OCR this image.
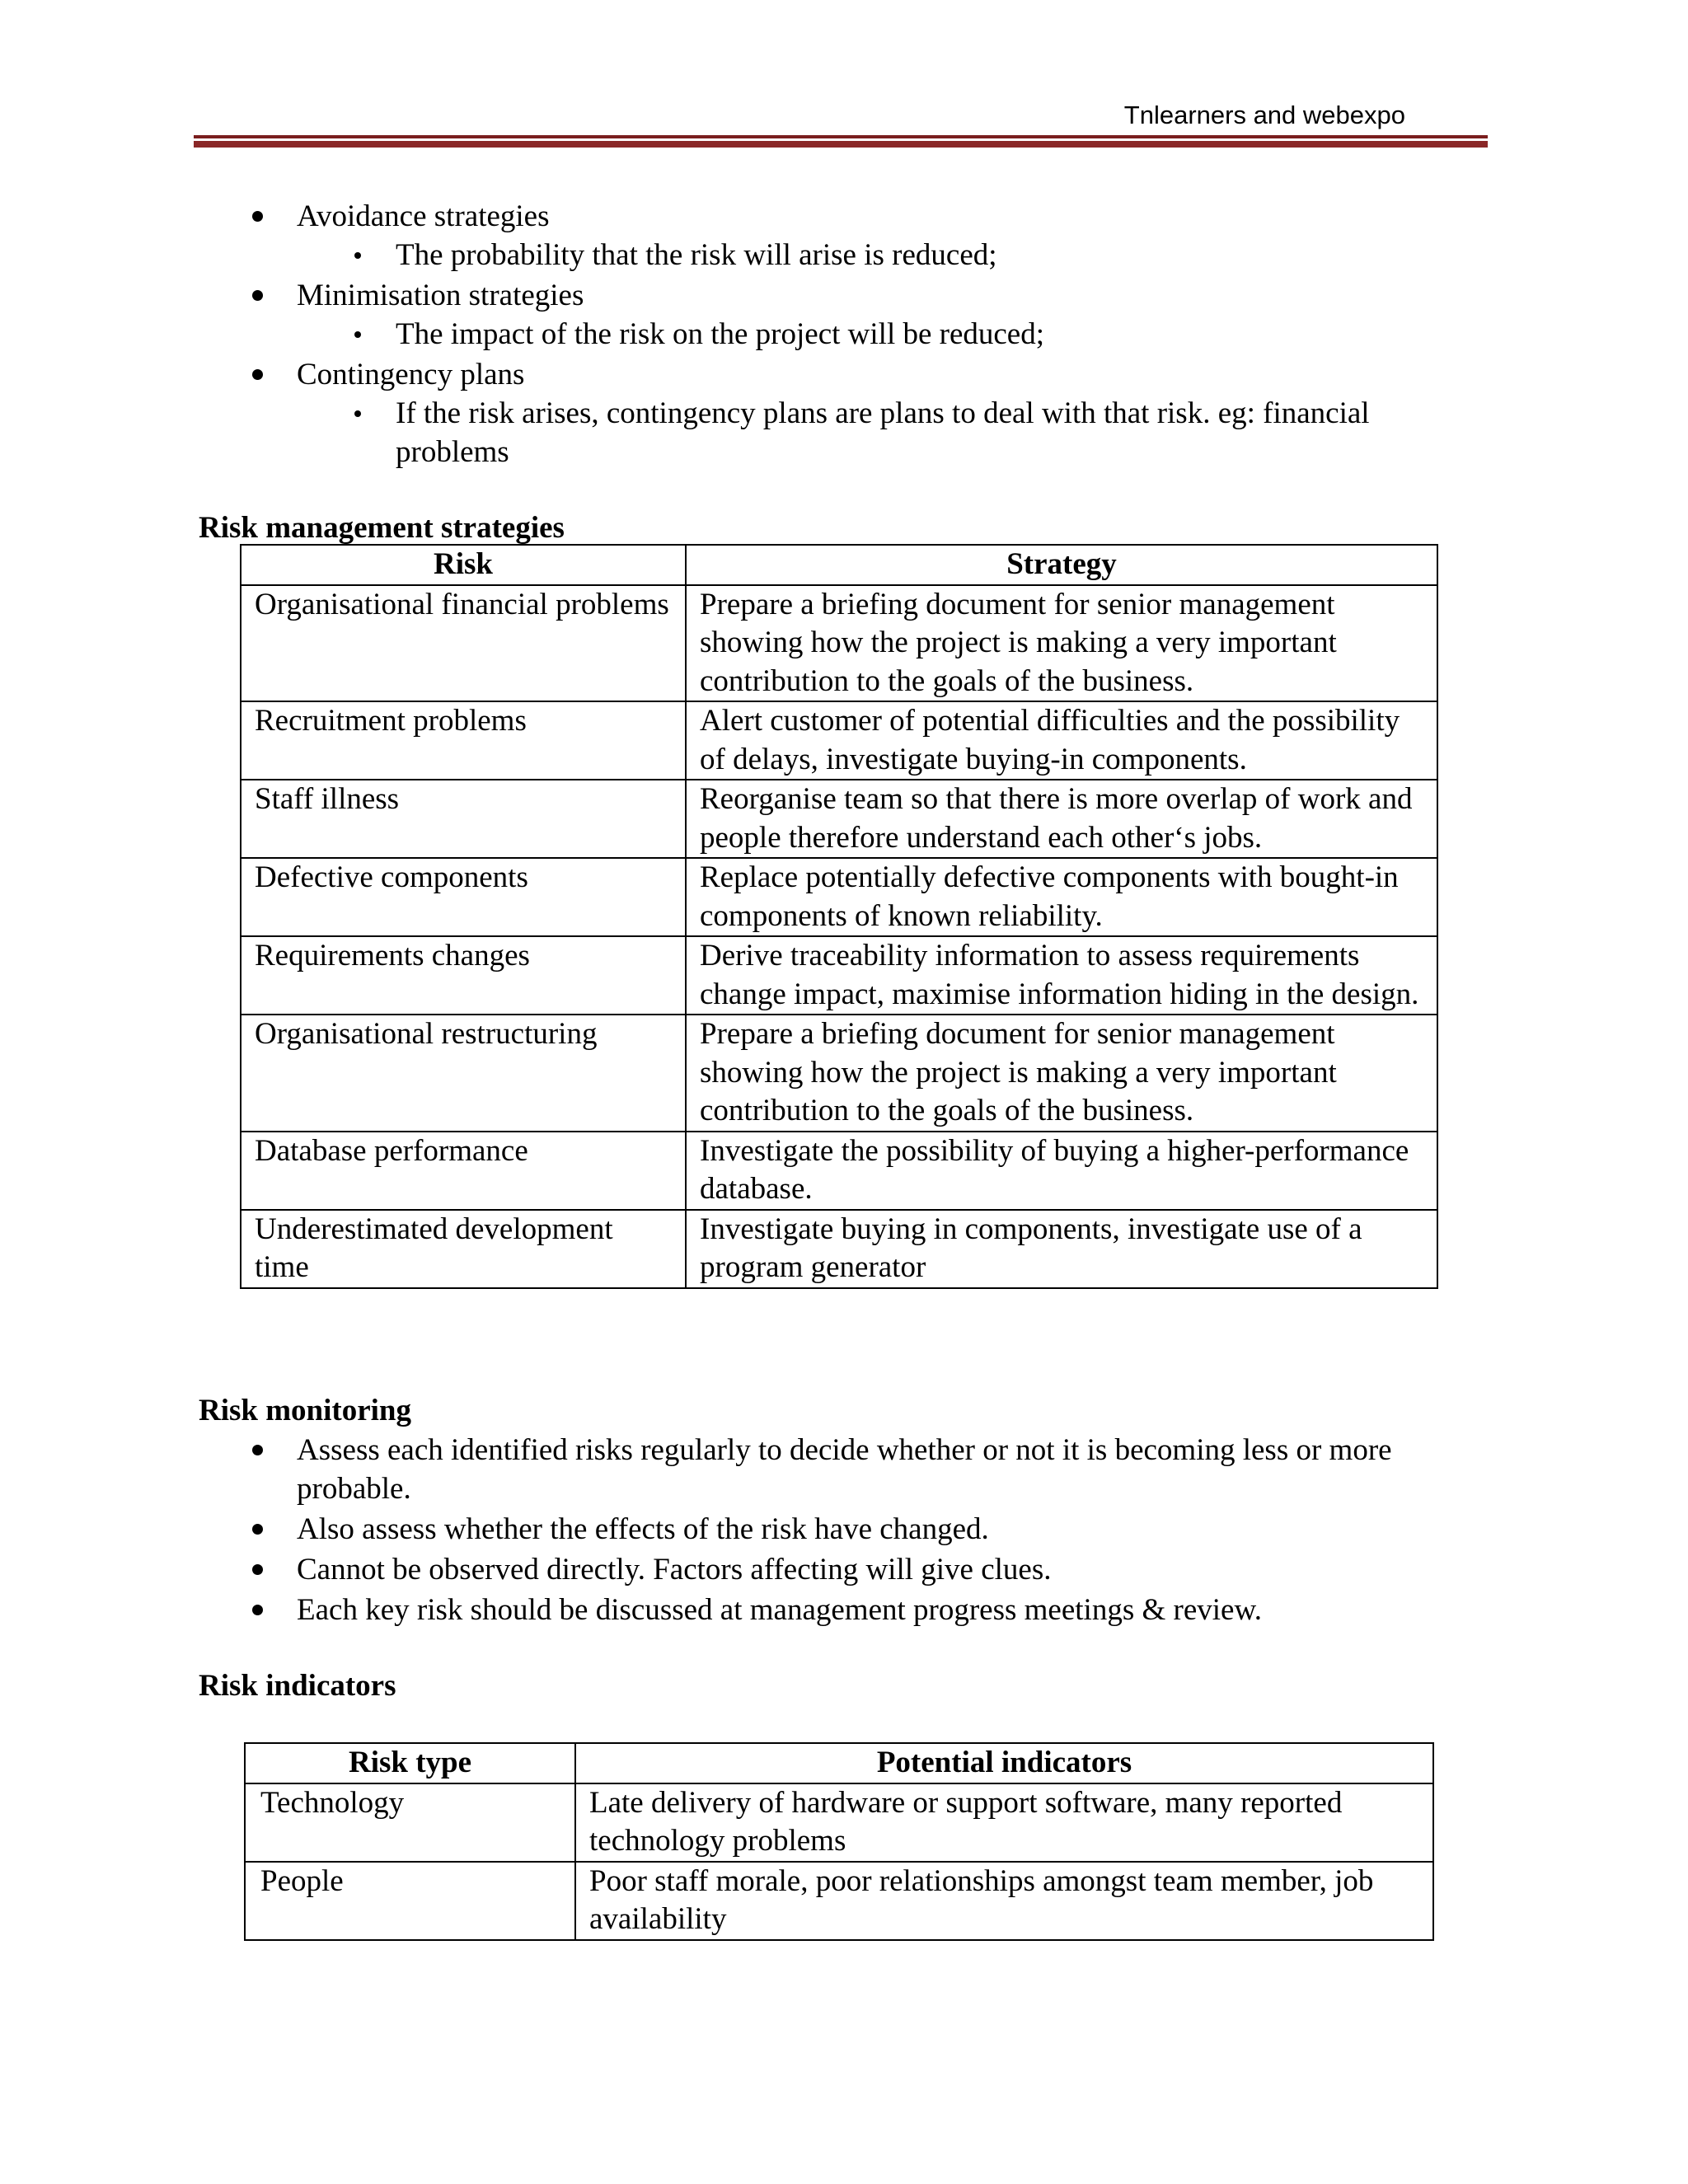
Tnlearners and webexpo
Avoidance strategies
The probability that the risk will arise is reduced;
Minimisation strategies
The impact of the risk on the project will be reduced;
Contingency plans
If the risk arises, contingency plans are plans to deal with that risk. eg: financial
problems
Risk management strategies
Risk	Strategy
Organisational financial problems	Prepare a briefing document for senior management showing how the project is making a very important contribution to the goals of the business.
Recruitment problems	Alert customer of potential difficulties and the possibility of delays, investigate buying-in components.
Staff illness	Reorganise team so that there is more overlap of work and people therefore understand each other‘s jobs.
Defective components	Replace potentially defective components with bought-in components of known reliability.
Requirements changes	Derive traceability information to assess requirements change impact, maximise information hiding in the design.
Organisational restructuring	Prepare a briefing document for senior management showing how the project is making a very important contribution to the goals of the business.
Database performance	Investigate the possibility of buying a higher-performance database.
Underestimated development time	Investigate buying in components, investigate use of a program generator
Risk monitoring
Assess each identified risks regularly to decide whether or not it is becoming less or more
probable.
Also assess whether the effects of the risk have changed.
Cannot be observed directly. Factors affecting will give clues.
Each key risk should be discussed at management progress meetings & review.
Risk indicators
Risk type	Potential indicators
Technology	Late delivery of hardware or support software, many reported technology problems
People	Poor staff morale, poor relationships amongst team member, job availability
